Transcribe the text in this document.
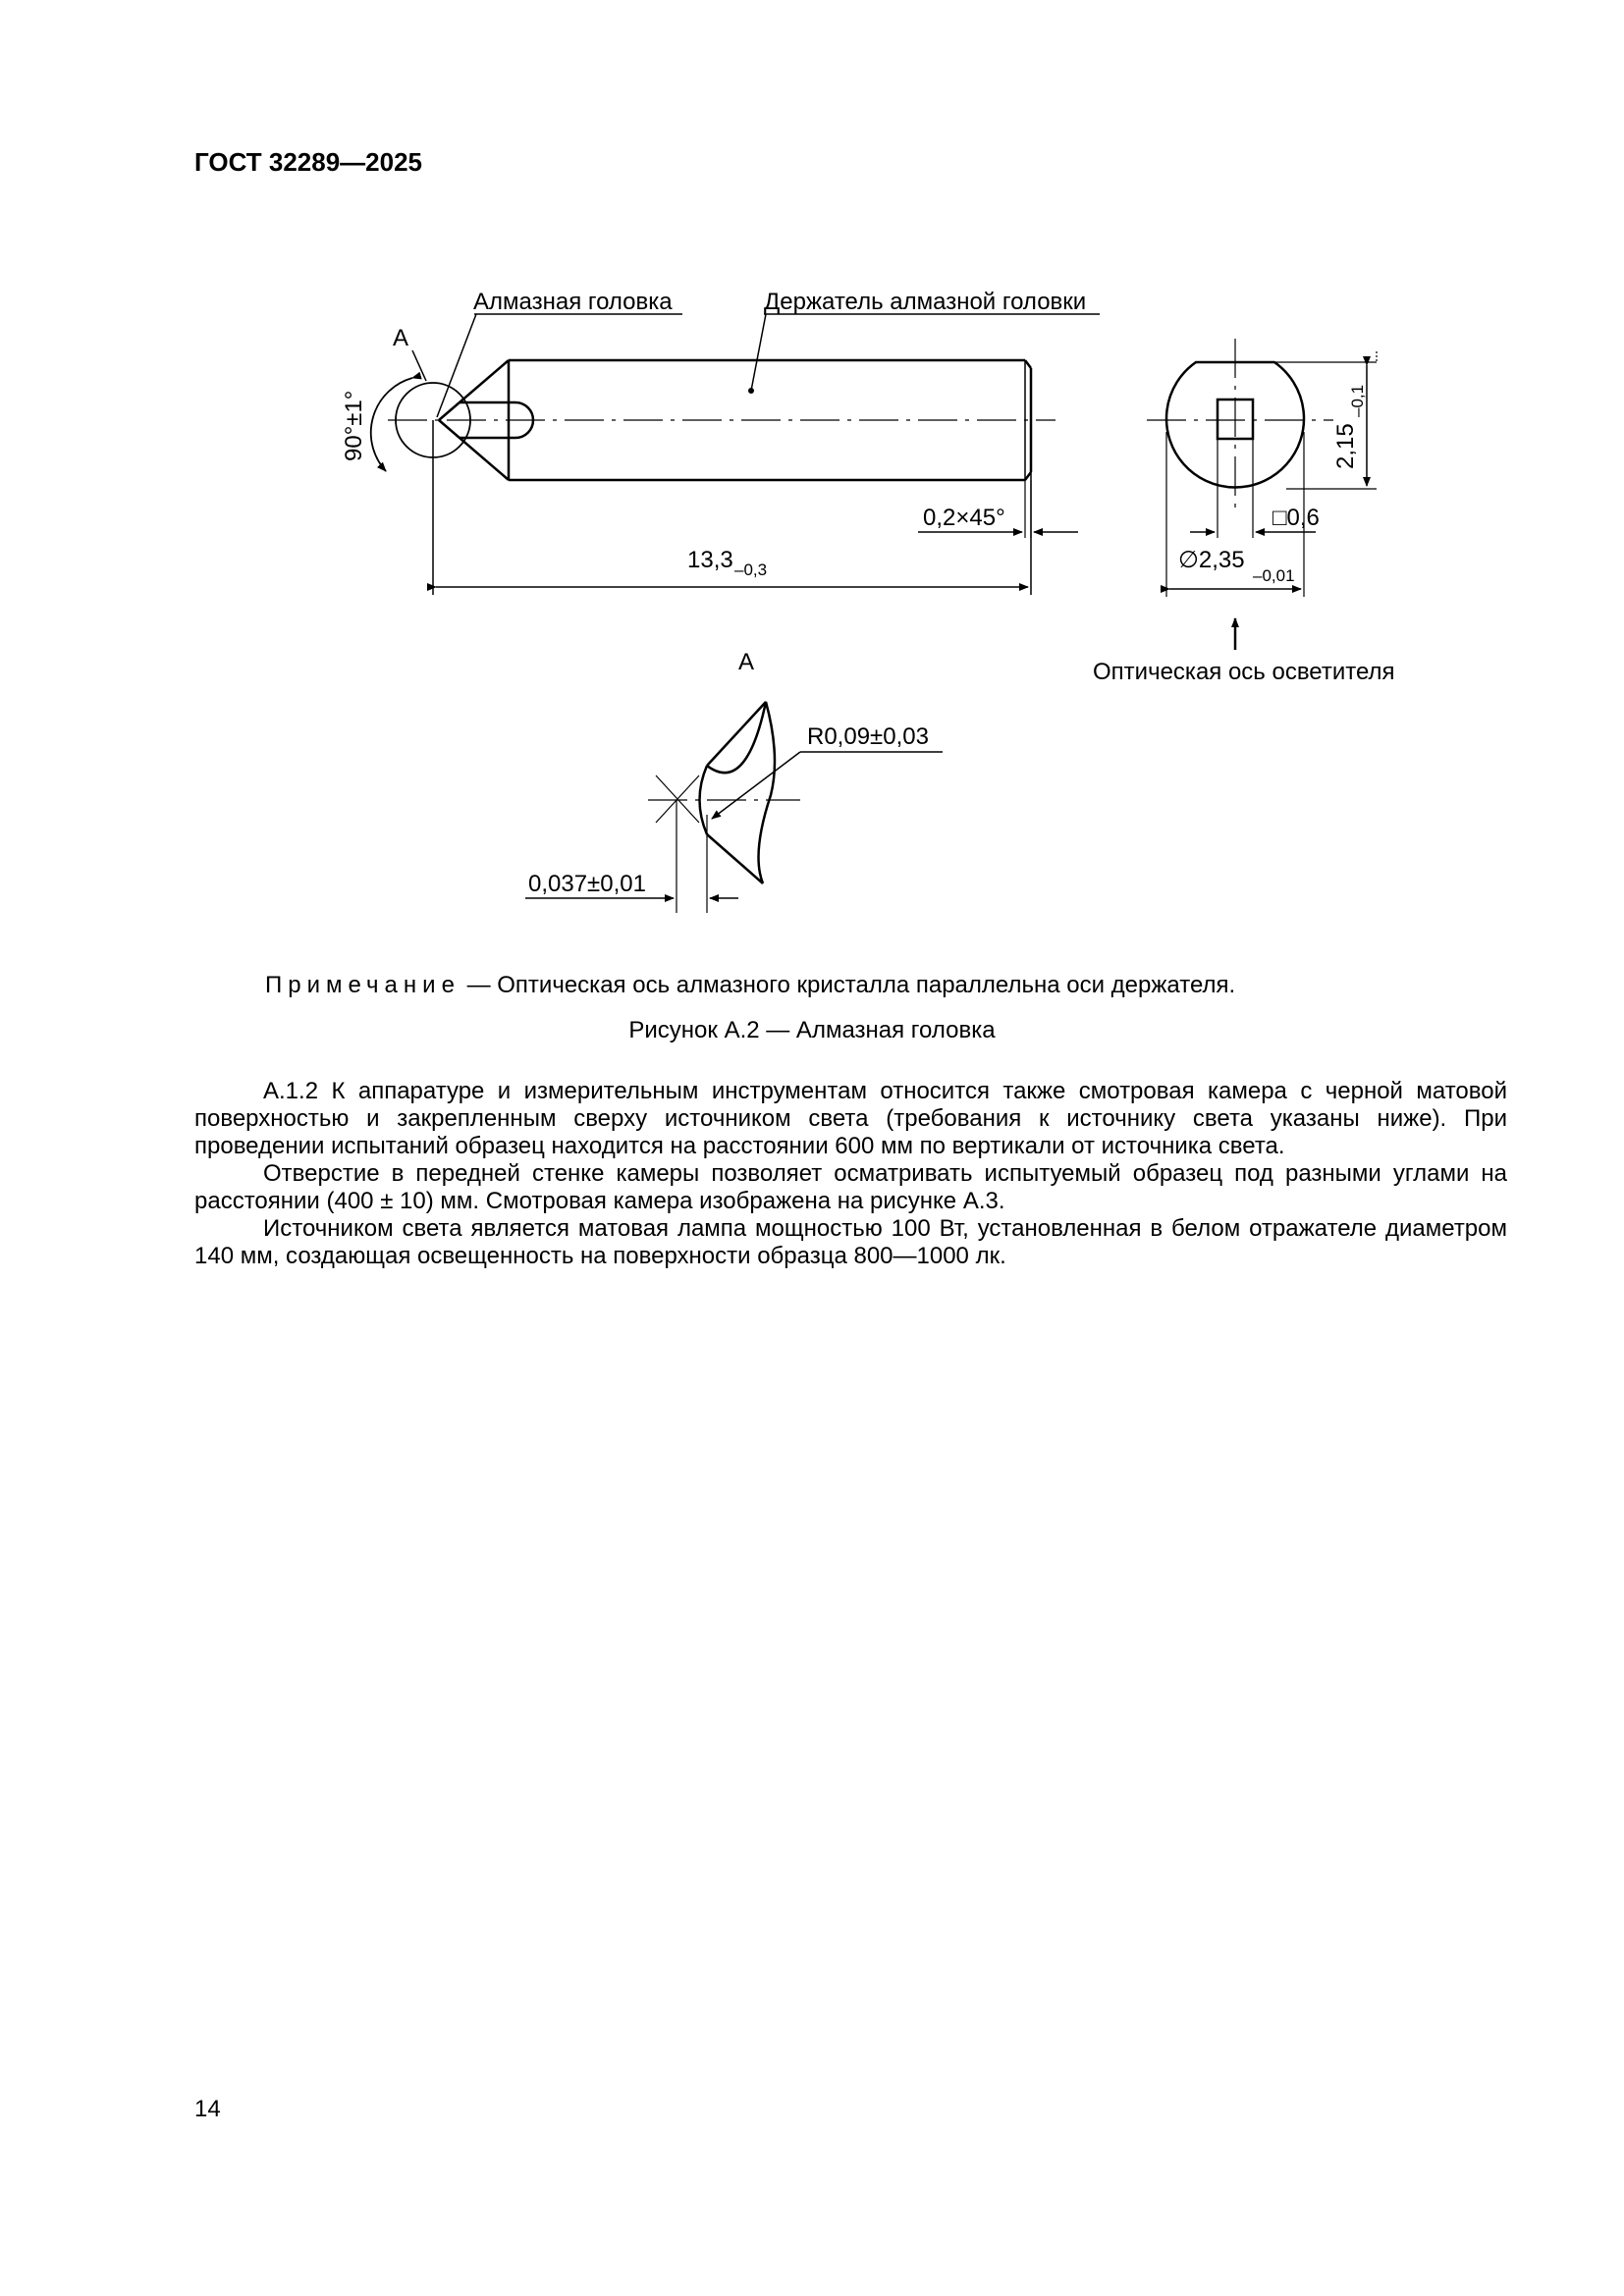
ГОСТ 32289—2025
90°±1°
А
Алмазная головка	Держатель алмазной головки
13,3 –0,3
0,2×45°
2,15
–0,1
□0,6
∅2,35
–0,01
Оптическая ось осветителя
А
R0,09±0,03
0,037±0,01
Примечание — Оптическая ось алмазного кристалла параллельна оси держателя.
Рисунок А.2 — Алмазная головка

А.1.2 К аппаратуре и измерительным инструментам относится также смотровая камера с черной матовой поверхностью и закрепленным сверху источником света (требования к источнику света указаны ниже). При проведении испытаний образец находится на расстоянии 600 мм по вертикали от источника света.

Отверстие в передней стенке камеры позволяет осматривать испытуемый образец под разными углами на расстоянии (400 ± 10) мм. Смотровая камера изображена на рисунке А.3.

Источником света является матовая лампа мощностью 100 Вт, установленная в белом отражателе диаметром 140 мм, создающая освещенность на поверхности образца 800—1000 лк.

14
